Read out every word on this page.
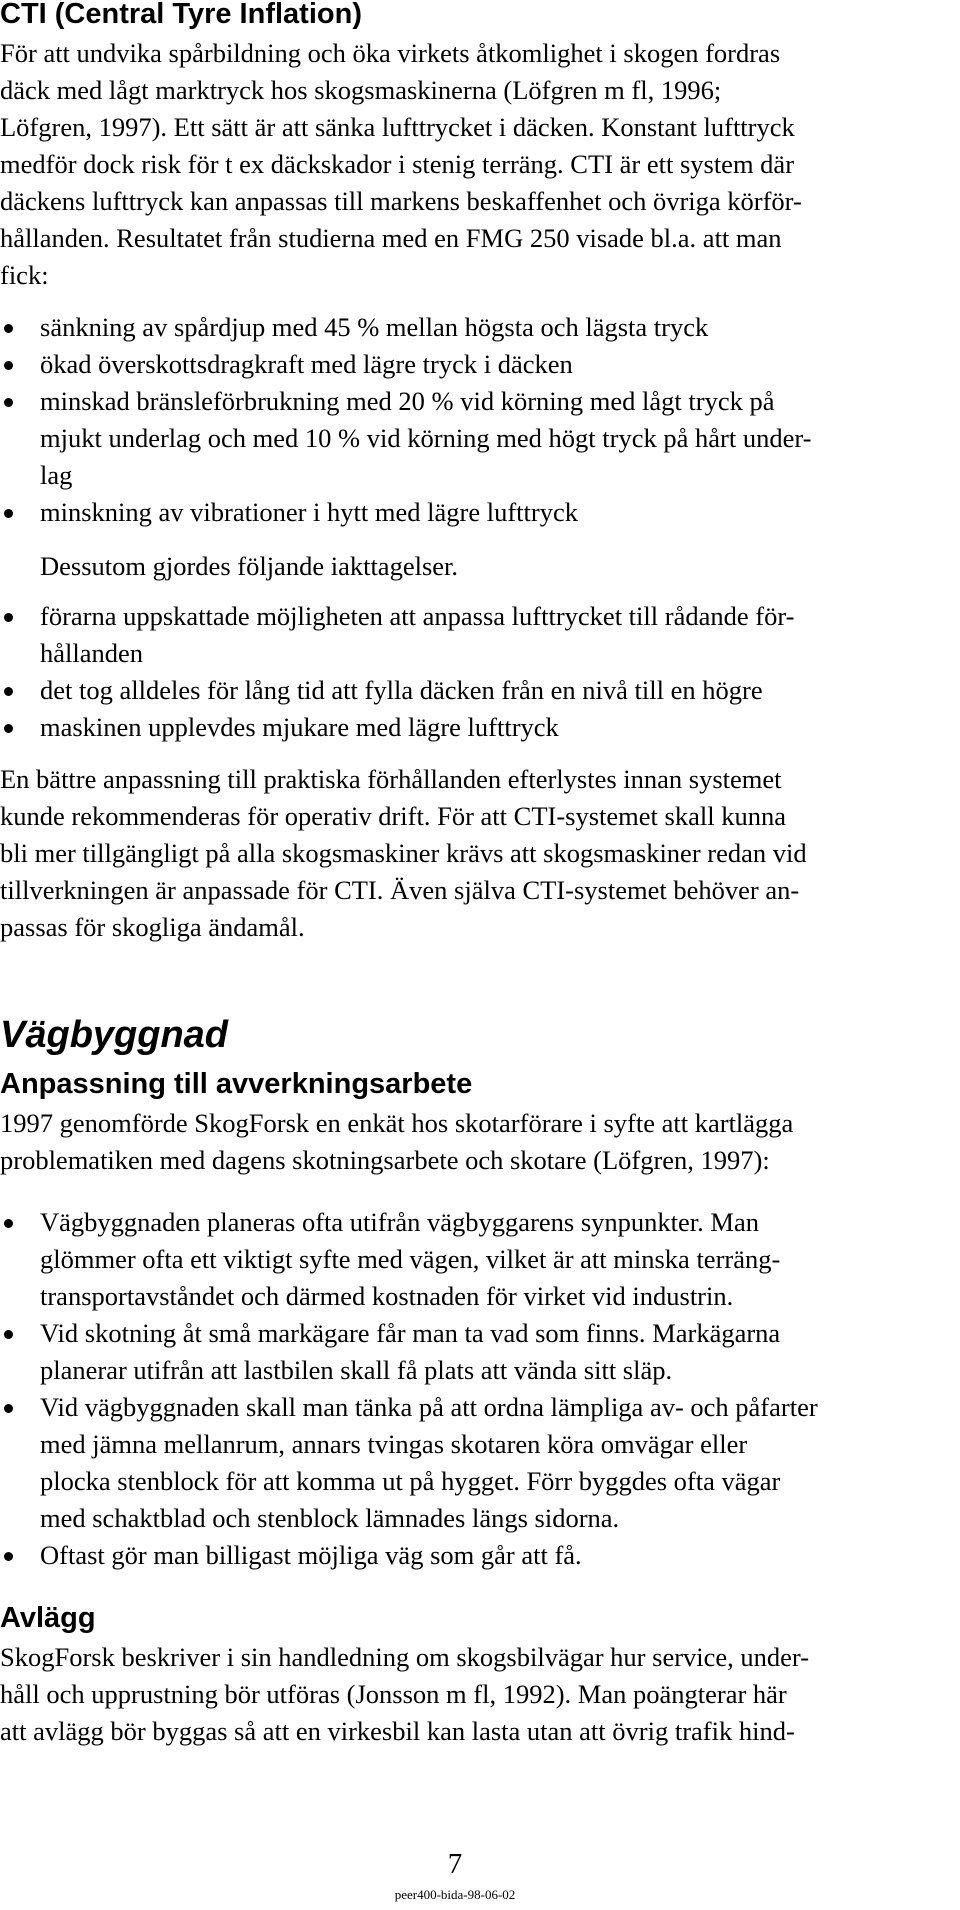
CTI (Central Tyre Inflation)
För att undvika spårbildning och öka virkets åtkomlighet i skogen fordras
däck med lågt marktryck hos skogsmaskinerna (Löfgren m fl, 1996;
Löfgren, 1997). Ett sätt är att sänka lufttrycket i däcken. Konstant lufttryck
medför dock risk för t ex däckskador i stenig terräng. CTI är ett system där
däckens lufttryck kan anpassas till markens beskaffenhet och övriga körför-
hållanden. Resultatet från studierna med en FMG 250 visade bl.a. att man
fick:
sänkning av spårdjup med 45 % mellan högsta och lägsta tryck
ökad överskottsdragkraft med lägre tryck i däcken
minskad bränsleförbrukning med 20 % vid körning med lågt tryck på
mjukt underlag och med 10 % vid körning med högt tryck på hårt under-
lag
minskning av vibrationer i hytt med lägre lufttryck
Dessutom gjordes följande iakttagelser.
förarna uppskattade möjligheten att anpassa lufttrycket till rådande för-
hållanden
det tog alldeles för lång tid att fylla däcken från en nivå till en högre
maskinen upplevdes mjukare med lägre lufttryck
En bättre anpassning till praktiska förhållanden efterlystes innan systemet
kunde rekommenderas för operativ drift. För att CTI-systemet skall kunna
bli mer tillgängligt på alla skogsmaskiner krävs att skogsmaskiner redan vid
tillverkningen är anpassade för CTI. Även själva CTI-systemet behöver an-
passas för skogliga ändamål.
Vägbyggnad
Anpassning till avverkningsarbete
1997 genomförde SkogForsk en enkät hos skotarförare i syfte att kartlägga
problematiken med dagens skotningsarbete och skotare (Löfgren, 1997):
Vägbyggnaden planeras ofta utifrån vägbyggarens synpunkter. Man
glömmer ofta ett viktigt syfte med vägen, vilket är att minska terräng-
transportavståndet och därmed kostnaden för virket vid industrin.
Vid skotning åt små markägare får man ta vad som finns. Markägarna
planerar utifrån att lastbilen skall få plats att vända sitt släp.
Vid vägbyggnaden skall man tänka på att ordna lämpliga av- och påfarter
med jämna mellanrum, annars tvingas skotaren köra omvägar eller
plocka stenblock för att komma ut på hygget. Förr byggdes ofta vägar
med schaktblad och stenblock lämnades längs sidorna.
Oftast gör man billigast möjliga väg som går att få.
Avlägg
SkogForsk beskriver i sin handledning om skogsbilvägar hur service, under-
håll och upprustning bör utföras (Jonsson m fl, 1992). Man poängterar här
att avlägg bör byggas så att en virkesbil kan lasta utan att övrig trafik hind-
7
peer400-bida-98-06-02
